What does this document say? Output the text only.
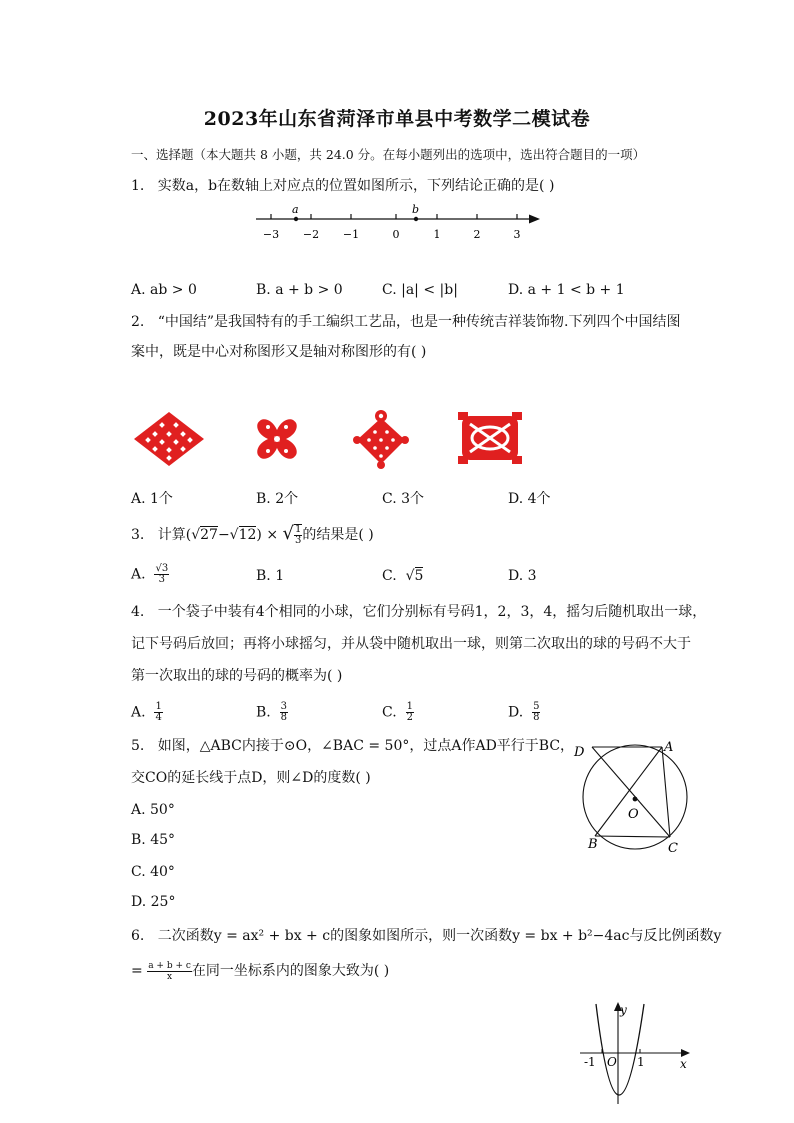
2023年山东省菏泽市单县中考数学二模试卷
一、选择题（本大题共 8 小题，共 24.0 分。在每小题列出的选项中，选出符合题目的一项）
1. 实数a，b在数轴上对应点的位置如图所示，下列结论正确的是( )
a	b
−3 −2 −1	0	1	2	3
A. ab > 0	B. a + b > 0	C. |a| < |b|	D. a + 1 < b + 1
2. “中国结”是我国特有的手工编织工艺品，也是一种传统吉祥装饰物.下列四个中国结图
案中，既是中心对称图形又是轴对称图形的有( )
A. 1个	B. 2个	C. 3个	D. 4个
3. 计算(√27−√12) × √ $\frac{1}{3}$ 的结果是( )
A. $\frac{√3}{3}$	B. 1	C. √5	D. 3
4. 一个袋子中装有4个相同的小球，它们分别标有号码1，2，3，4，摇匀后随机取出一球，
记下号码后放回；再将小球摇匀，并从袋中随机取出一球，则第二次取出的球的号码不大于
第一次取出的球的号码的概率为( )
A. $\frac{1}{4}$	B. $\frac{3}{8}$	C. $\frac{1}{2}$	D. $\frac{5}{8}$
5. 如图，△ABC内接于⊙O，∠BAC = 50°，过点A作AD平行于BC，
交CO的延长线于点D，则∠D的度数( )
D	A
O
B	C
A. 50°
B. 45°
C. 40°
D. 25°
6. 二次函数y = ax² + bx + c的图象如图所示，则一次函数y = bx + b²−4ac与反比例函数y
= $\frac{a + b + c}{x}$ 在同一坐标系内的图象大致为( )
y
x
O
-1	1
